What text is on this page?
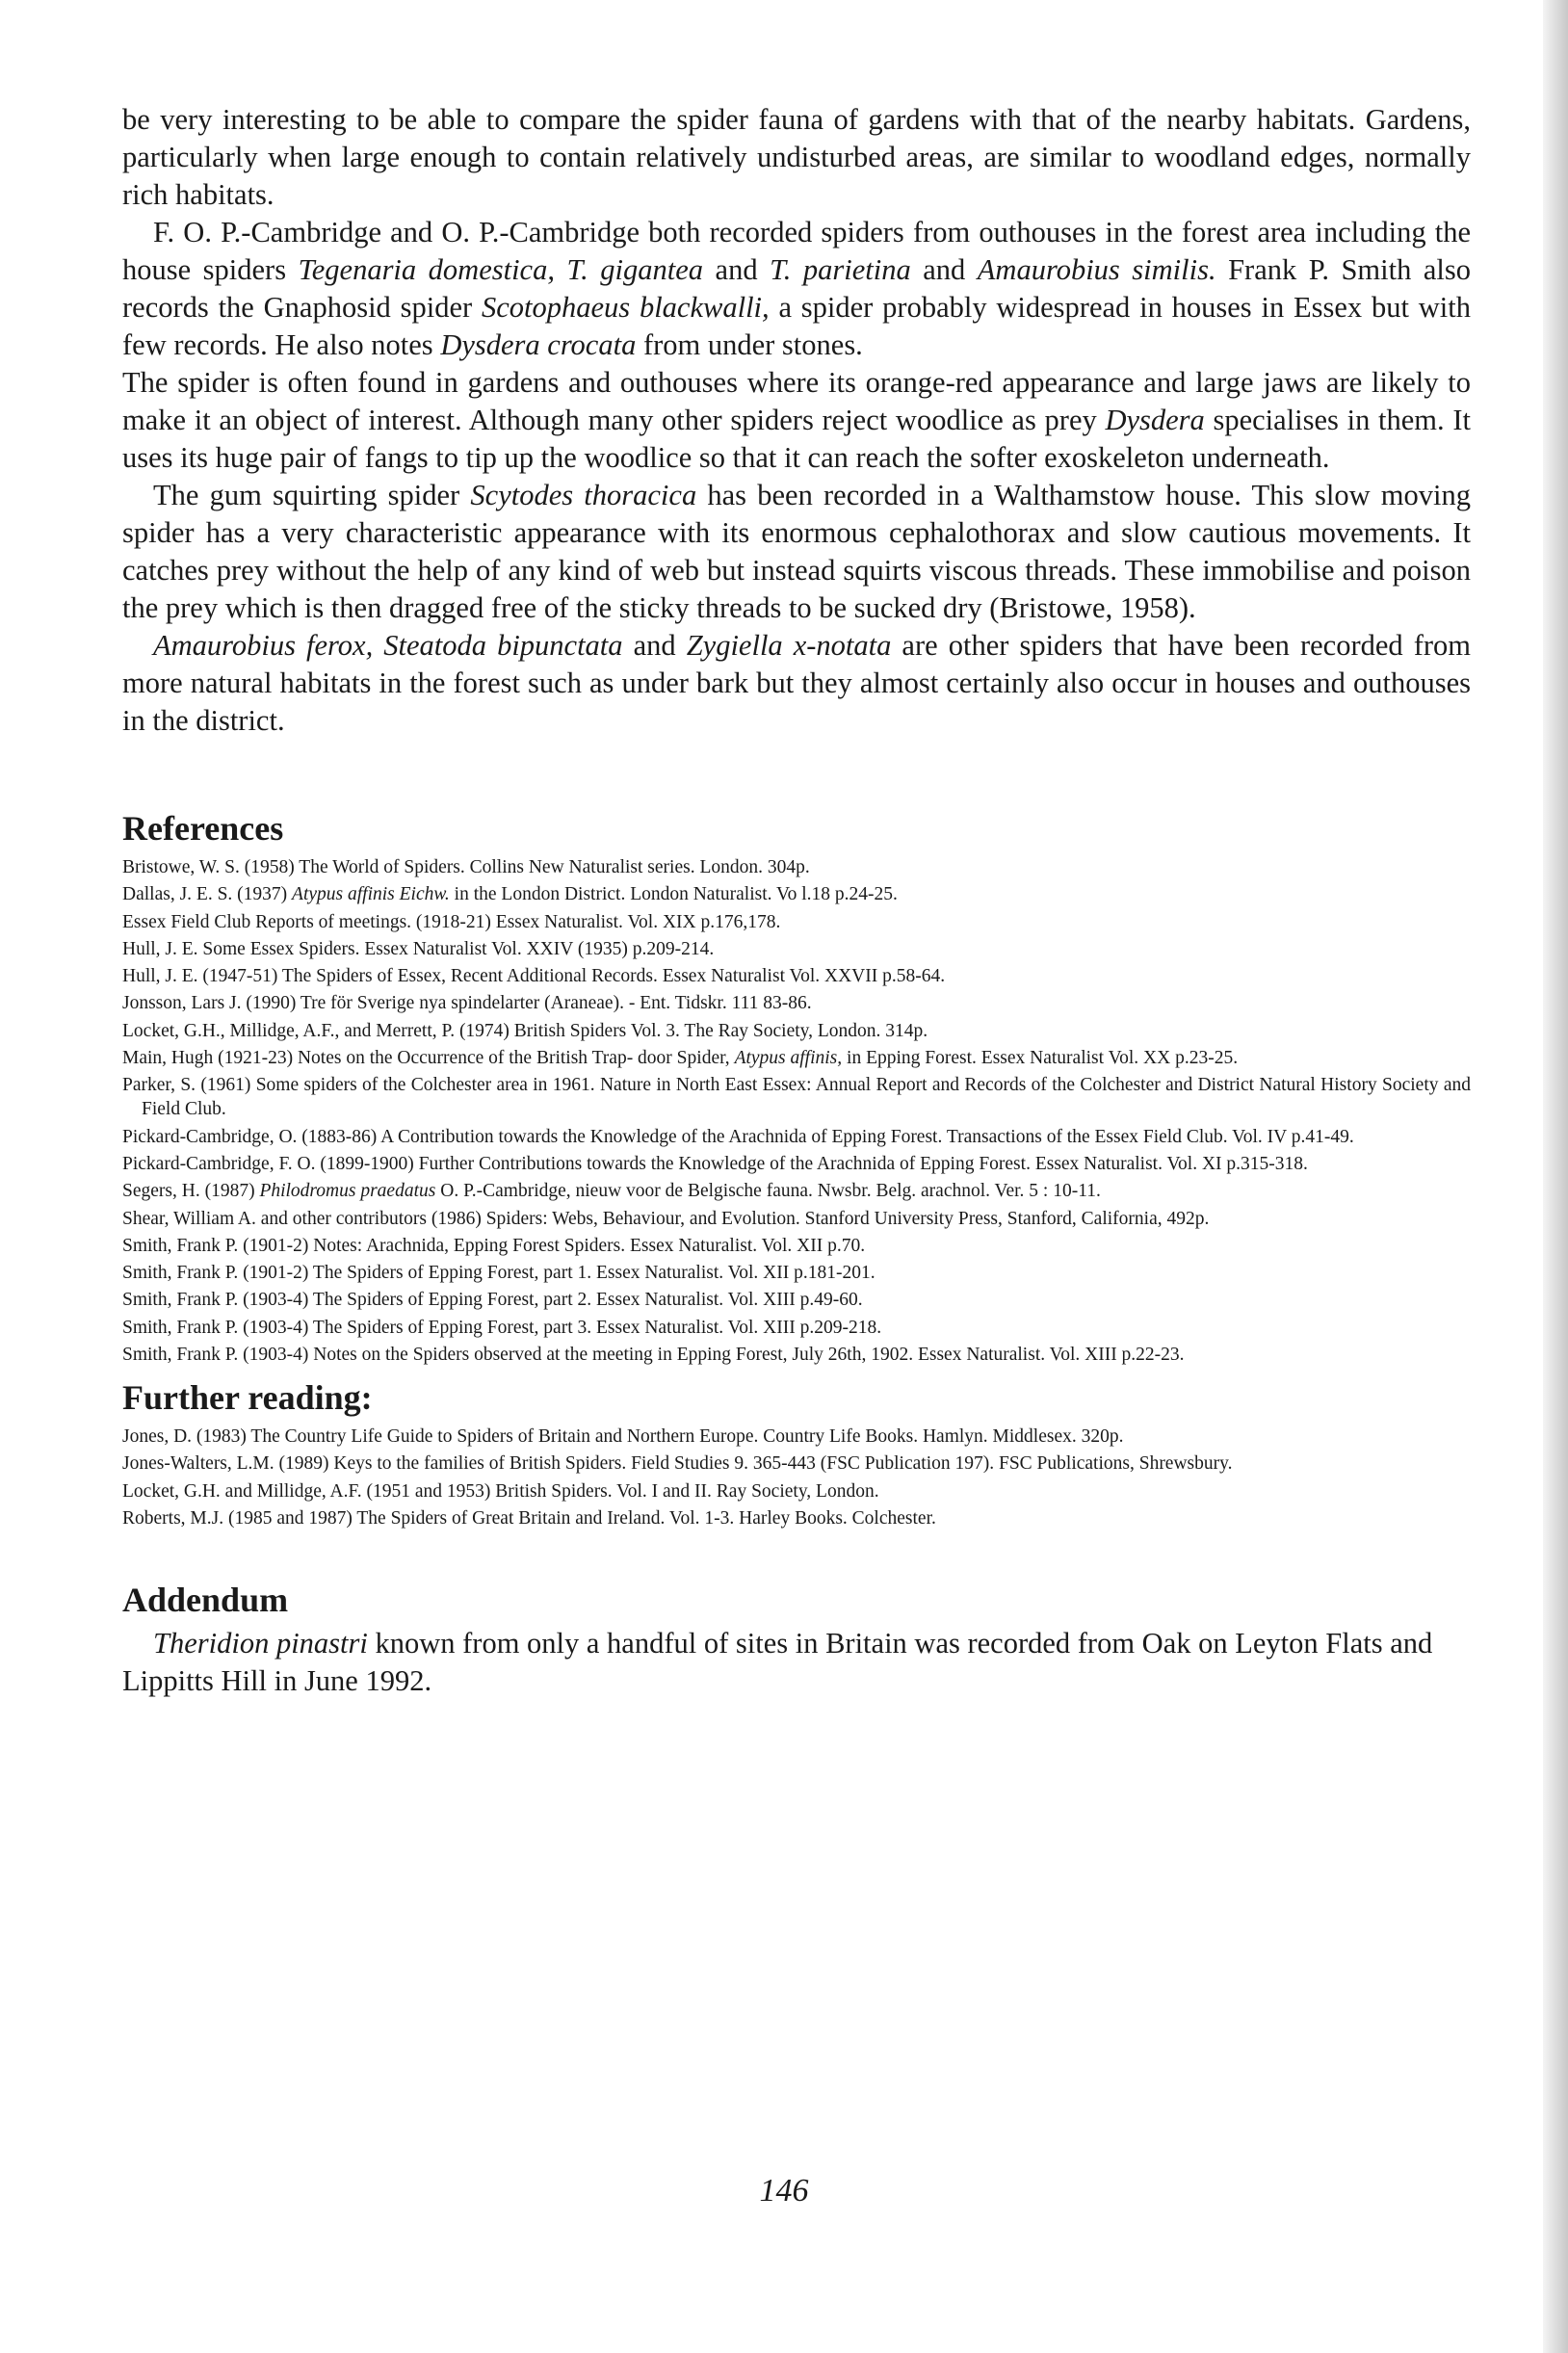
be very interesting to be able to compare the spider fauna of gardens with that of the nearby habitats. Gardens, particularly when large enough to contain relatively undisturbed areas, are similar to woodland edges, normally rich habitats.

F. O. P.-Cambridge and O. P.-Cambridge both recorded spiders from outhouses in the forest area including the house spiders Tegenaria domestica, T. gigantea and T. parietina and Amaurobius similis. Frank P. Smith also records the Gnaphosid spider Scotophaeus blackwalli, a spider probably widespread in houses in Essex but with few records. He also notes Dysdera crocata from under stones.

The spider is often found in gardens and outhouses where its orange-red appearance and large jaws are likely to make it an object of interest. Although many other spiders reject woodlice as prey Dysdera specialises in them. It uses its huge pair of fangs to tip up the woodlice so that it can reach the softer exoskeleton underneath.

The gum squirting spider Scytodes thoracica has been recorded in a Walthamstow house. This slow moving spider has a very characteristic appearance with its enormous cephalothorax and slow cautious movements. It catches prey without the help of any kind of web but instead squirts viscous threads. These immobilise and poison the prey which is then dragged free of the sticky threads to be sucked dry (Bristowe, 1958).

Amaurobius ferox, Steatoda bipunctata and Zygiella x-notata are other spiders that have been recorded from more natural habitats in the forest such as under bark but they almost certainly also occur in houses and outhouses in the district.

References
Bristowe, W. S. (1958) The World of Spiders. Collins New Naturalist series. London. 304p.
Dallas, J. E. S. (1937) Atypus affinis Eichw. in the London District. London Naturalist. Vo l.18 p.24-25.
Essex Field Club Reports of meetings. (1918-21) Essex Naturalist. Vol. XIX p.176,178.
Hull, J. E. Some Essex Spiders. Essex Naturalist Vol. XXIV (1935) p.209-214.
Hull, J. E. (1947-51) The Spiders of Essex, Recent Additional Records. Essex Naturalist Vol. XXVII p.58-64.
Jonsson, Lars J. (1990) Tre för Sverige nya spindelarter (Araneae). - Ent. Tidskr. 111 83-86.
Locket, G.H., Millidge, A.F., and Merrett, P. (1974) British Spiders Vol. 3. The Ray Society, London. 314p.
Main, Hugh (1921-23) Notes on the Occurrence of the British Trap- door Spider, Atypus affinis, in Epping Forest. Essex Naturalist Vol. XX p.23-25.
Parker, S. (1961) Some spiders of the Colchester area in 1961. Nature in North East Essex: Annual Report and Records of the Colchester and District Natural History Society and Field Club.
Pickard-Cambridge, O. (1883-86) A Contribution towards the Knowledge of the Arachnida of Epping Forest. Transactions of the Essex Field Club. Vol. IV p.41-49.
Pickard-Cambridge, F. O. (1899-1900) Further Contributions towards the Knowledge of the Arachnida of Epping Forest. Essex Naturalist. Vol. XI p.315-318.
Segers, H. (1987) Philodromus praedatus O. P.-Cambridge, nieuw voor de Belgische fauna. Nwsbr. Belg. arachnol. Ver. 5 : 10-11.
Shear, William A. and other contributors (1986) Spiders: Webs, Behaviour, and Evolution. Stanford University Press, Stanford, California, 492p.
Smith, Frank P. (1901-2) Notes: Arachnida, Epping Forest Spiders. Essex Naturalist. Vol. XII p.70.
Smith, Frank P. (1901-2) The Spiders of Epping Forest, part 1. Essex Naturalist. Vol. XII p.181-201.
Smith, Frank P. (1903-4) The Spiders of Epping Forest, part 2. Essex Naturalist. Vol. XIII p.49-60.
Smith, Frank P. (1903-4) The Spiders of Epping Forest, part 3. Essex Naturalist. Vol. XIII p.209-218.
Smith, Frank P. (1903-4) Notes on the Spiders observed at the meeting in Epping Forest, July 26th, 1902. Essex Naturalist. Vol. XIII p.22-23.
Further reading:
Jones, D. (1983) The Country Life Guide to Spiders of Britain and Northern Europe. Country Life Books. Hamlyn. Middlesex. 320p.
Jones-Walters, L.M. (1989) Keys to the families of British Spiders. Field Studies 9. 365-443 (FSC Publication 197). FSC Publications, Shrewsbury.
Locket, G.H. and Millidge, A.F. (1951 and 1953) British Spiders. Vol. I and II. Ray Society, London.
Roberts, M.J. (1985 and 1987) The Spiders of Great Britain and Ireland. Vol. 1-3. Harley Books. Colchester.
Addendum

Theridion pinastri known from only a handful of sites in Britain was recorded from Oak on Leyton Flats and Lippitts Hill in June 1992.

146
